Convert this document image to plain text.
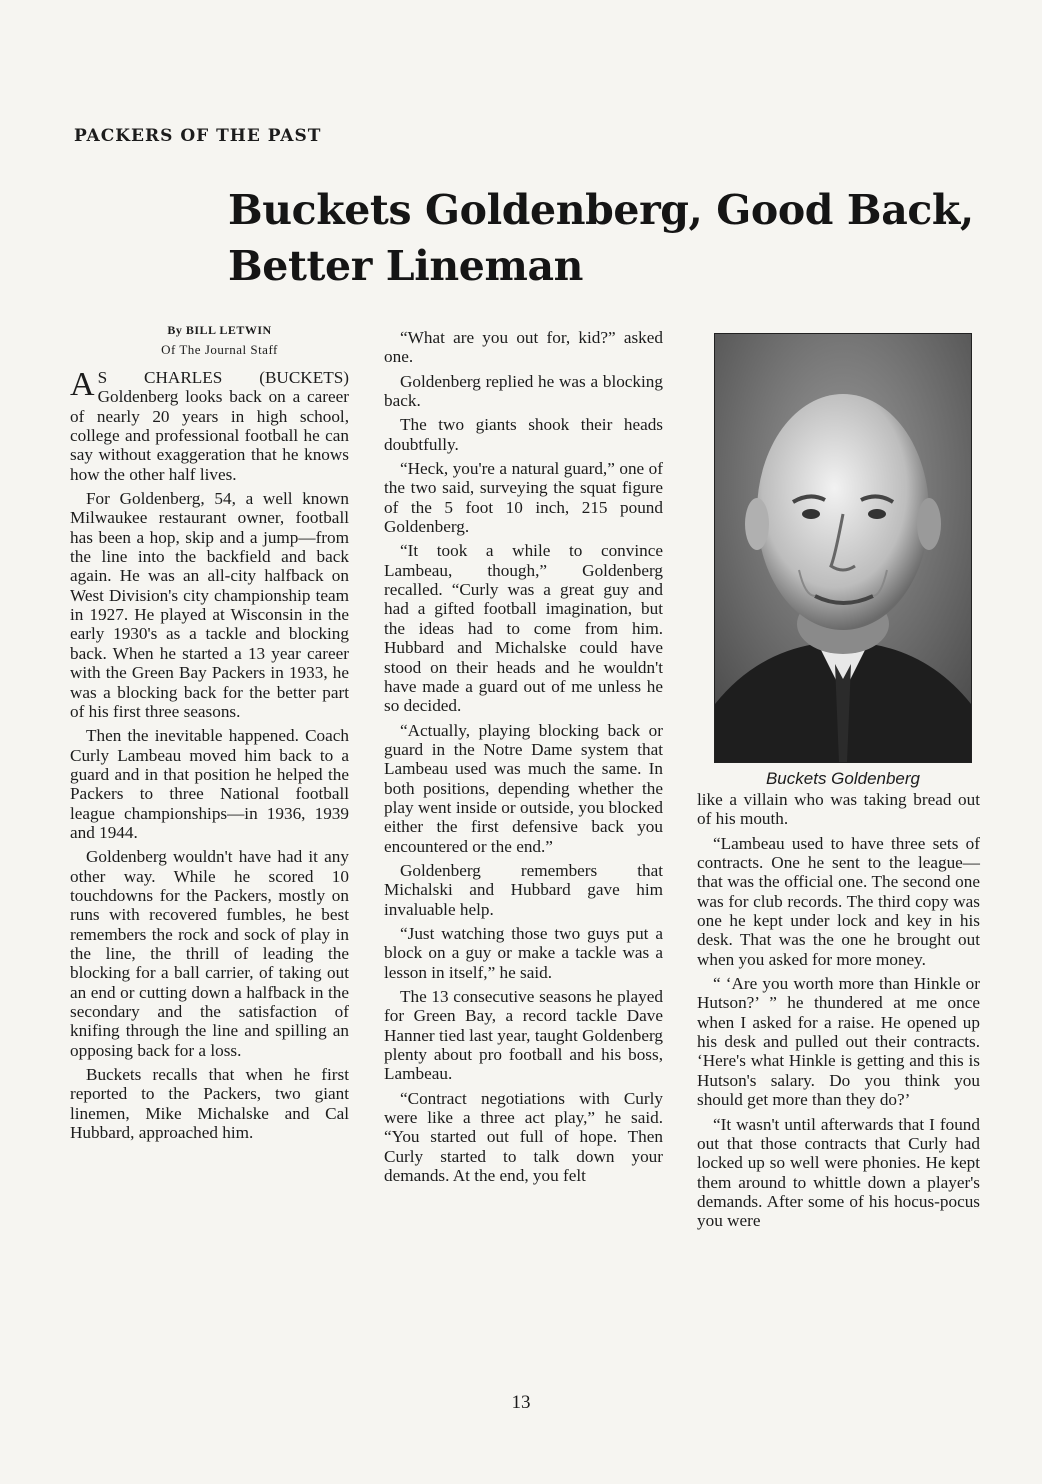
PACKERS OF THE PAST
Buckets Goldenberg, Good Back,
Better Lineman
By BILL LETWIN
Of The Journal Staff

A S CHARLES (BUCKETS) Goldenberg looks back on a career of nearly 20 years in high school, college and professional football he can say without exaggeration that he knows how the other half lives.

For Goldenberg, 54, a well known Milwaukee restaurant owner, football has been a hop, skip and a jump—from the line into the backfield and back again. He was an all-city halfback on West Division's city championship team in 1927. He played at Wisconsin in the early 1930's as a tackle and blocking back. When he started a 13 year career with the Green Bay Packers in 1933, he was a blocking back for the better part of his first three seasons.

Then the inevitable happened. Coach Curly Lambeau moved him back to a guard and in that position he helped the Packers to three National football league championships—in 1936, 1939 and 1944.

Goldenberg wouldn't have had it any other way. While he scored 10 touchdowns for the Packers, mostly on runs with recovered fumbles, he best remembers the rock and sock of play in the line, the thrill of leading the blocking for a ball carrier, of taking out an end or cutting down a halfback in the secondary and the satisfaction of knifing through the line and spilling an opposing back for a loss.

Buckets recalls that when he first reported to the Packers, two giant linemen, Mike Michalske and Cal Hubbard, approached him.

“What are you out for, kid?” asked one.

Goldenberg replied he was a blocking back.

The two giants shook their heads doubtfully.

“Heck, you're a natural guard,” one of the two said, surveying the squat figure of the 5 foot 10 inch, 215 pound Goldenberg.

“It took a while to convince Lambeau, though,” Goldenberg recalled. “Curly was a great guy and had a gifted football imagination, but the ideas had to come from him. Hubbard and Michalske could have stood on their heads and he wouldn't have made a guard out of me unless he so decided.

“Actually, playing blocking back or guard in the Notre Dame system that Lambeau used was much the same. In both positions, depending whether the play went inside or outside, you blocked either the first defensive back you encountered or the end.”

Goldenberg remembers that Michalski and Hubbard gave him invaluable help.

“Just watching those two guys put a block on a guy or make a tackle was a lesson in itself,” he said.

The 13 consecutive seasons he played for Green Bay, a record tackle Dave Hanner tied last year, taught Goldenberg plenty about pro football and his boss, Lambeau.

“Contract negotiations with Curly were like a three act play,” he said. “You started out full of hope. Then Curly started to talk down your demands. At the end, you felt

Buckets Goldenberg

like a villain who was taking bread out of his mouth.

“Lambeau used to have three sets of contracts. One he sent to the league—that was the official one. The second one was for club records. The third copy was one he kept under lock and key in his desk. That was the one he brought out when you asked for more money.

“ ‘Are you worth more than Hinkle or Hutson?’ ” he thundered at me once when I asked for a raise. He opened up his desk and pulled out their contracts. ‘Here's what Hinkle is getting and this is Hutson's salary. Do you think you should get more than they do?’

“It wasn't until afterwards that I found out that those contracts that Curly had locked up so well were phonies. He kept them around to whittle down a player's demands. After some of his hocus-pocus you were

13
